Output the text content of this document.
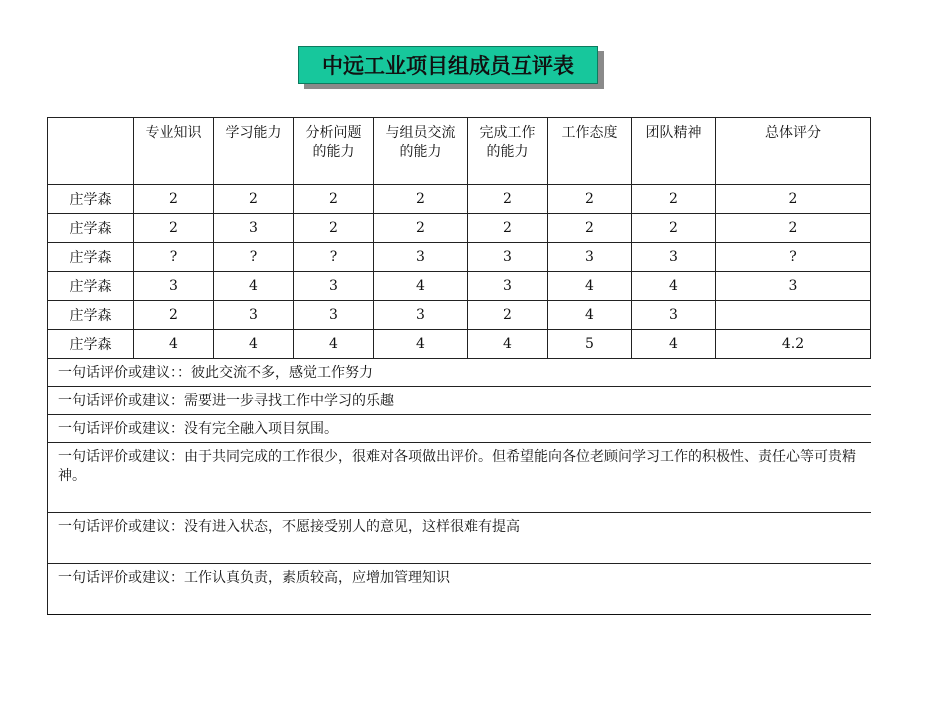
中远工业项目组成员互评表
	专业知识	学习能力	分析问题的能力	与组员交流的能力	完成工作的能力	工作态度	团队精神	总体评分
庄学森	2	2	2	2	2	2	2	2
庄学森	2	3	2	2	2	2	2	2
庄学森	?	?	?	3	3	3	3	?
庄学森	3	4	3	4	3	4	4	3
庄学森	2	3	3	3	2	4	3	
庄学森	4	4	4	4	4	5	4	4.2
一句话评价或建议：：彼此交流不多，感觉工作努力								
一句话评价或建议：需要进一步寻找工作中学习的乐趣								
一句话评价或建议：没有完全融入项目氛围。								
一句话评价或建议：由于共同完成的工作很少，很难对各项做出评价。但希望能向各位老顾问学习工作的积极性、责任心等可贵精神。								
一句话评价或建议：没有进入状态，不愿接受别人的意见，这样很难有提高								
一句话评价或建议：工作认真负责，素质较高，应增加管理知识								
